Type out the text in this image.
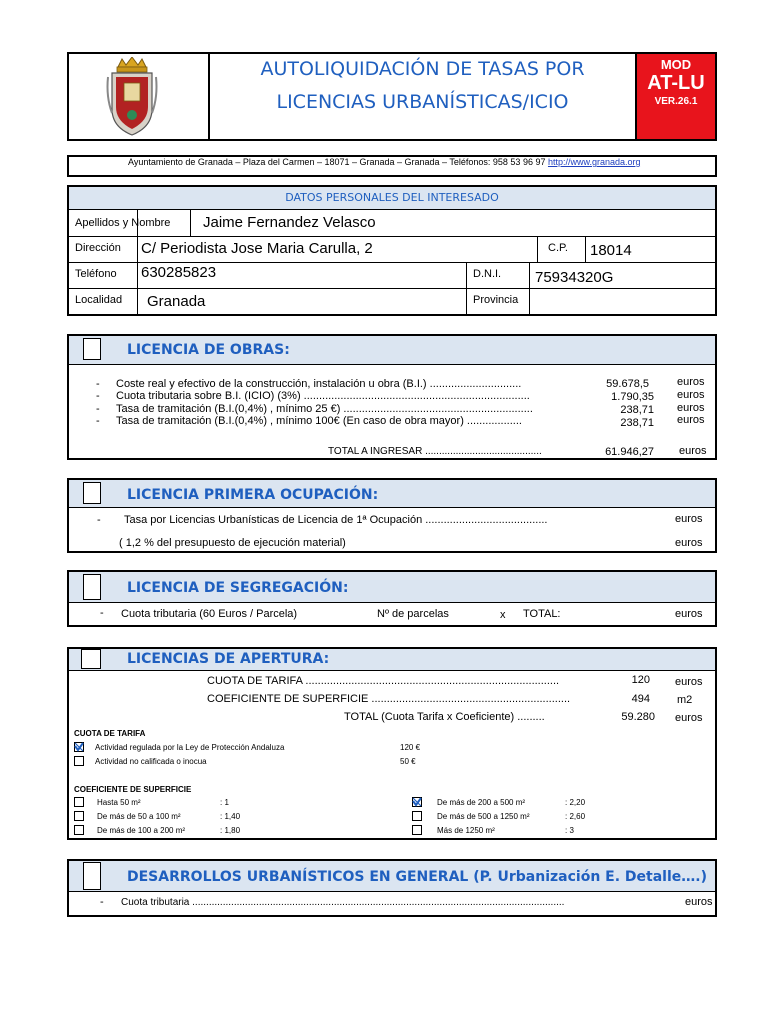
AUTOLIQUIDACIÓN DE TASAS POR
LICENCIAS URBANÍSTICAS/ICIO
MOD
AT-LU
VER.26.1
Ayuntamiento de Granada – Plaza del Carmen – 18071 – Granada – Granada – Teléfonos: 958 53 96 97 http://www.granada.org
DATOS PERSONALES DEL INTERESADO
Apellidos y Nombre Jaime Fernandez Velasco
Dirección C/ Periodista Jose Maria Carulla, 2	C.P. 18014
Teléfono 630285823	D.N.I. 75934320G
Localidad Granada	Provincia
LICENCIA DE OBRAS:
- Coste real y efectivo de la construcción, instalación u obra (B.I.) ..............................	59.678,5	euros
- Cuota tributaria sobre B.I. (ICIO) (3%) ..........................................................................	1.790,35 euros
- Tasa de tramitación (B.I.(0,4%) , mínimo 25 €) ..............................................................	238,71 euros
- Tasa de tramitación (B.I.(0,4%) , mínimo 100€ (En caso de obra mayor) ..................	238,71 euros
TOTAL A INGRESAR ..........................................	61.946,27 euros
LICENCIA PRIMERA OCUPACIÓN:
- Tasa por Licencias Urbanísticas de Licencia de 1ª Ocupación ........................................	euros
( 1,2 % del presupuesto de ejecución material)	euros
LICENCIA DE SEGREGACIÓN:
- Cuota tributaria (60 Euros / Parcela)	Nº de parcelas	x TOTAL:	euros
LICENCIAS DE APERTURA:
CUOTA DE TARIFA ...................................................................................	120 euros
COEFICIENTE DE SUPERFICIE .................................................................	494 m2
TOTAL (Cuota Tarifa x Coeficiente) .........	59.280 euros
CUOTA DE TARIFA
Actividad regulada por la Ley de Protección Andaluza	120 €
Actividad no calificada o inocua	50 €
COEFICIENTE DE SUPERFICIE
Hasta 50 m²	: 1
De más de 50 a 100 m²	: 1,40
De más de 100 a 200 m²	: 1,80
De más de 200 a 500 m²	: 2,20
De más de 500 a 1250 m²	: 2,60
Más de 1250 m²	: 3
DESARROLLOS URBANÍSTICOS EN GENERAL (P. Urbanización E. Detalle….)
- Cuota tributaria ......................................................................................................................................	euros
